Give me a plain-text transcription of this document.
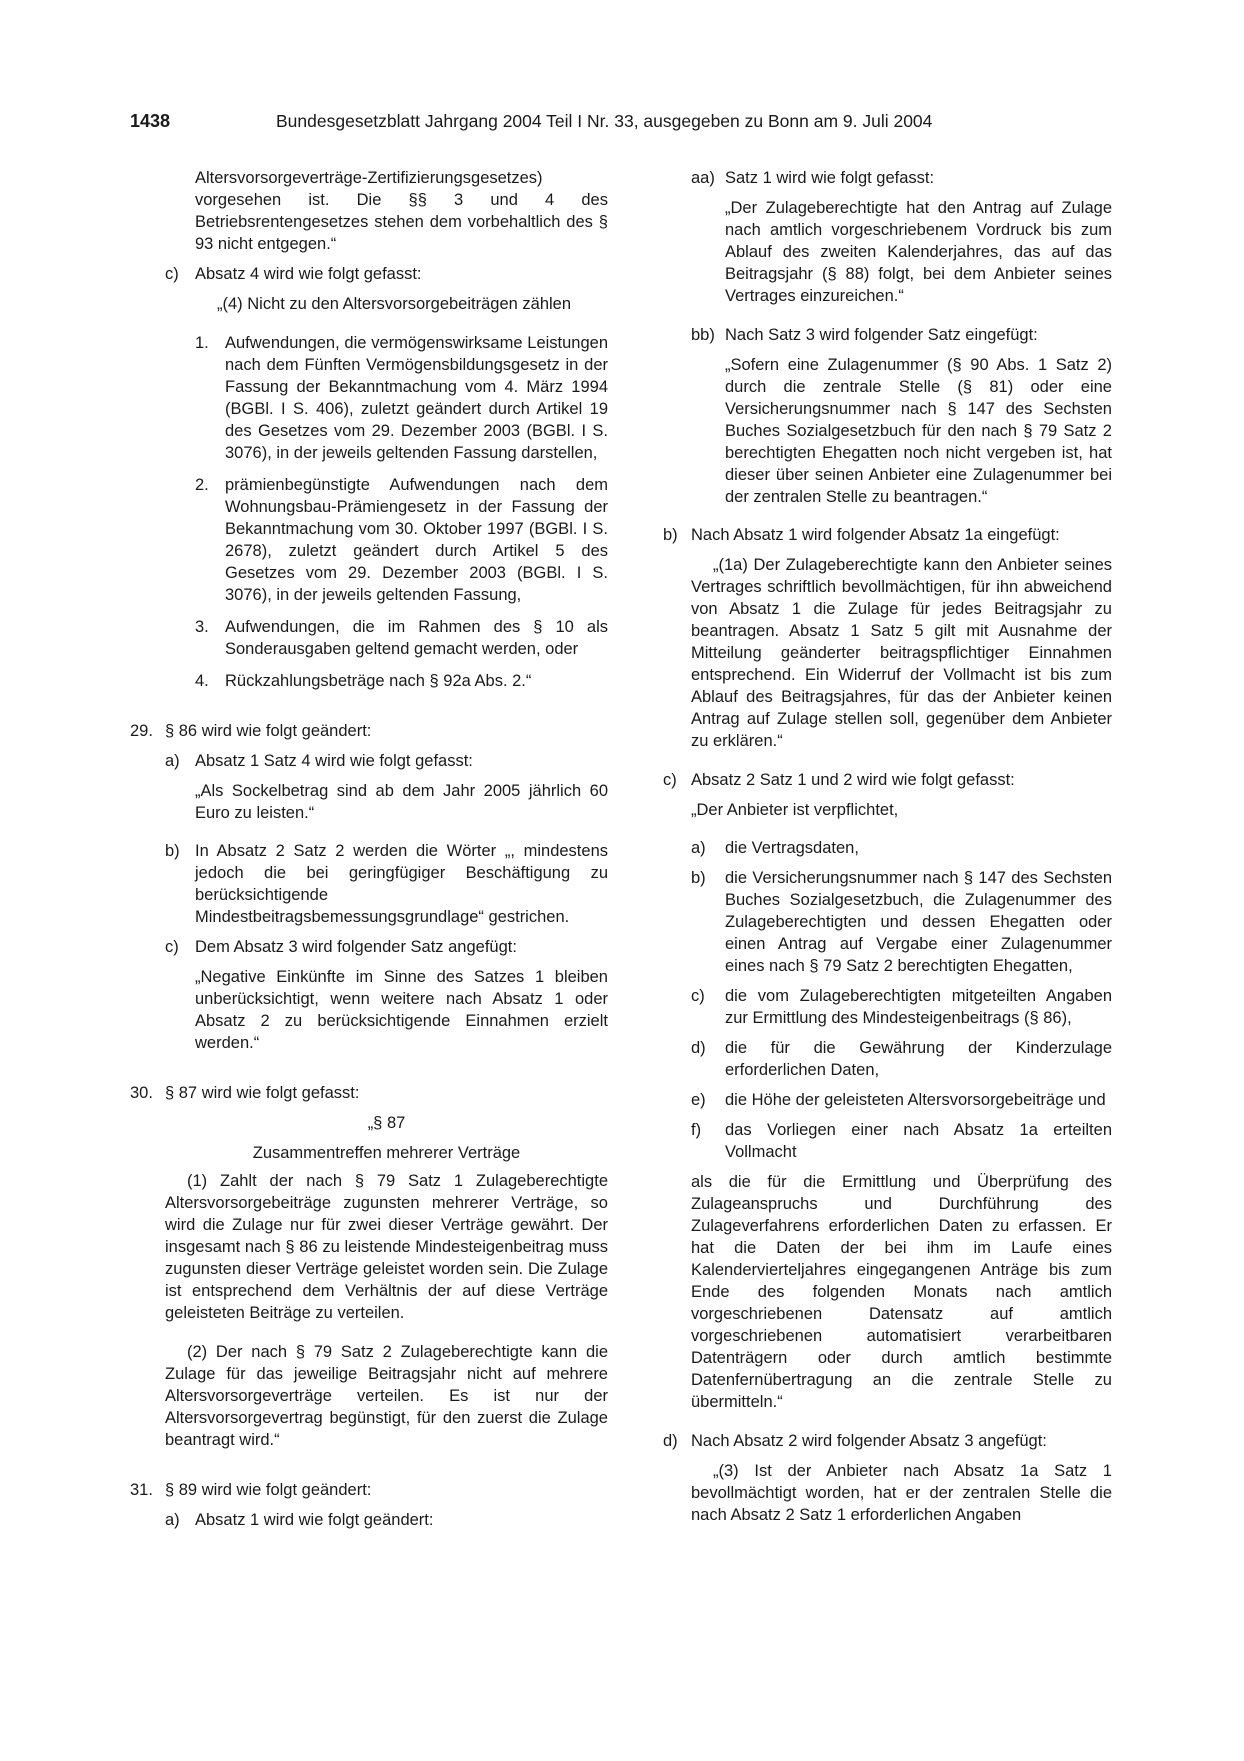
1438	Bundesgesetzblatt Jahrgang 2004 Teil I Nr. 33, ausgegeben zu Bonn am 9. Juli 2004

Altersvorsorgeverträge-Zertifizierungsgesetzes) vorgesehen ist. Die §§ 3 und 4 des Betriebsrentengesetzes stehen dem vorbehaltlich des § 93 nicht entgegen.“

c) Absatz 4 wird wie folgt gefasst:

„(4) Nicht zu den Altersvorsorgebeiträgen zählen

1. Aufwendungen, die vermögenswirksame Leistungen nach dem Fünften Vermögensbildungsgesetz in der Fassung der Bekanntmachung vom 4. März 1994 (BGBl. I S. 406), zuletzt geändert durch Artikel 19 des Gesetzes vom 29. Dezember 2003 (BGBl. I S. 3076), in der jeweils geltenden Fassung darstellen,
2. prämienbegünstigte Aufwendungen nach dem Wohnungsbau-Prämiengesetz in der Fassung der Bekanntmachung vom 30. Oktober 1997 (BGBl. I S. 2678), zuletzt geändert durch Artikel 5 des Gesetzes vom 29. Dezember 2003 (BGBl. I S. 3076), in der jeweils geltenden Fassung,
3. Aufwendungen, die im Rahmen des § 10 als Sonderausgaben geltend gemacht werden, oder
4. Rückzahlungsbeträge nach § 92a Abs. 2.“
29. § 86 wird wie folgt geändert:
a) Absatz 1 Satz 4 wird wie folgt gefasst:

„Als Sockelbetrag sind ab dem Jahr 2005 jährlich 60 Euro zu leisten.“

b) In Absatz 2 Satz 2 werden die Wörter „, mindestens jedoch die bei geringfügiger Beschäftigung zu berücksichtigende Mindestbeitragsbemessungsgrundlage“ gestrichen.
c) Dem Absatz 3 wird folgender Satz angefügt:

„Negative Einkünfte im Sinne des Satzes 1 bleiben unberücksichtigt, wenn weitere nach Absatz 1 oder Absatz 2 zu berücksichtigende Einnahmen erzielt werden.“

30. § 87 wird wie folgt gefasst:

„§ 87

Zusammentreffen mehrerer Verträge

(1) Zahlt der nach § 79 Satz 1 Zulageberechtigte Altersvorsorgebeiträge zugunsten mehrerer Verträge, so wird die Zulage nur für zwei dieser Verträge gewährt. Der insgesamt nach § 86 zu leistende Mindesteigenbeitrag muss zugunsten dieser Verträge geleistet worden sein. Die Zulage ist entsprechend dem Verhältnis der auf diese Verträge geleisteten Beiträge zu verteilen.

(2) Der nach § 79 Satz 2 Zulageberechtigte kann die Zulage für das jeweilige Beitragsjahr nicht auf mehrere Altersvorsorgeverträge verteilen. Es ist nur der Altersvorsorgevertrag begünstigt, für den zuerst die Zulage beantragt wird.“

31. § 89 wird wie folgt geändert:
a) Absatz 1 wird wie folgt geändert:
aa) Satz 1 wird wie folgt gefasst:

„Der Zulageberechtigte hat den Antrag auf Zulage nach amtlich vorgeschriebenem Vordruck bis zum Ablauf des zweiten Kalenderjahres, das auf das Beitragsjahr (§ 88) folgt, bei dem Anbieter seines Vertrages einzureichen.“

bb) Nach Satz 3 wird folgender Satz eingefügt:

„Sofern eine Zulagenummer (§ 90 Abs. 1 Satz 2) durch die zentrale Stelle (§ 81) oder eine Versicherungsnummer nach § 147 des Sechsten Buches Sozialgesetzbuch für den nach § 79 Satz 2 berechtigten Ehegatten noch nicht vergeben ist, hat dieser über seinen Anbieter eine Zulagenummer bei der zentralen Stelle zu beantragen.“

b) Nach Absatz 1 wird folgender Absatz 1a eingefügt:

„(1a) Der Zulageberechtigte kann den Anbieter seines Vertrages schriftlich bevollmächtigen, für ihn abweichend von Absatz 1 die Zulage für jedes Beitragsjahr zu beantragen. Absatz 1 Satz 5 gilt mit Ausnahme der Mitteilung geänderter beitragspflichtiger Einnahmen entsprechend. Ein Widerruf der Vollmacht ist bis zum Ablauf des Beitragsjahres, für das der Anbieter keinen Antrag auf Zulage stellen soll, gegenüber dem Anbieter zu erklären.“

c) Absatz 2 Satz 1 und 2 wird wie folgt gefasst:

„Der Anbieter ist verpflichtet,

a) die Vertragsdaten,
b) die Versicherungsnummer nach § 147 des Sechsten Buches Sozialgesetzbuch, die Zulagenummer des Zulageberechtigten und dessen Ehegatten oder einen Antrag auf Vergabe einer Zulagenummer eines nach § 79 Satz 2 berechtigten Ehegatten,
c) die vom Zulageberechtigten mitgeteilten Angaben zur Ermittlung des Mindesteigenbeitrags (§ 86),
d) die für die Gewährung der Kinderzulage erforderlichen Daten,
e) die Höhe der geleisteten Altersvorsorgebeiträge und
f) das Vorliegen einer nach Absatz 1a erteilten Vollmacht

als die für die Ermittlung und Überprüfung des Zulageanspruchs und Durchführung des Zulageverfahrens erforderlichen Daten zu erfassen. Er hat die Daten der bei ihm im Laufe eines Kalendervierteljahres eingegangenen Anträge bis zum Ende des folgenden Monats nach amtlich vorgeschriebenen Datensatz auf amtlich vorgeschriebenen automatisiert verarbeitbaren Datenträgern oder durch amtlich bestimmte Datenfernübertragung an die zentrale Stelle zu übermitteln.“

d) Nach Absatz 2 wird folgender Absatz 3 angefügt:

„(3) Ist der Anbieter nach Absatz 1a Satz 1 bevollmächtigt worden, hat er der zentralen Stelle die nach Absatz 2 Satz 1 erforderlichen Angaben
